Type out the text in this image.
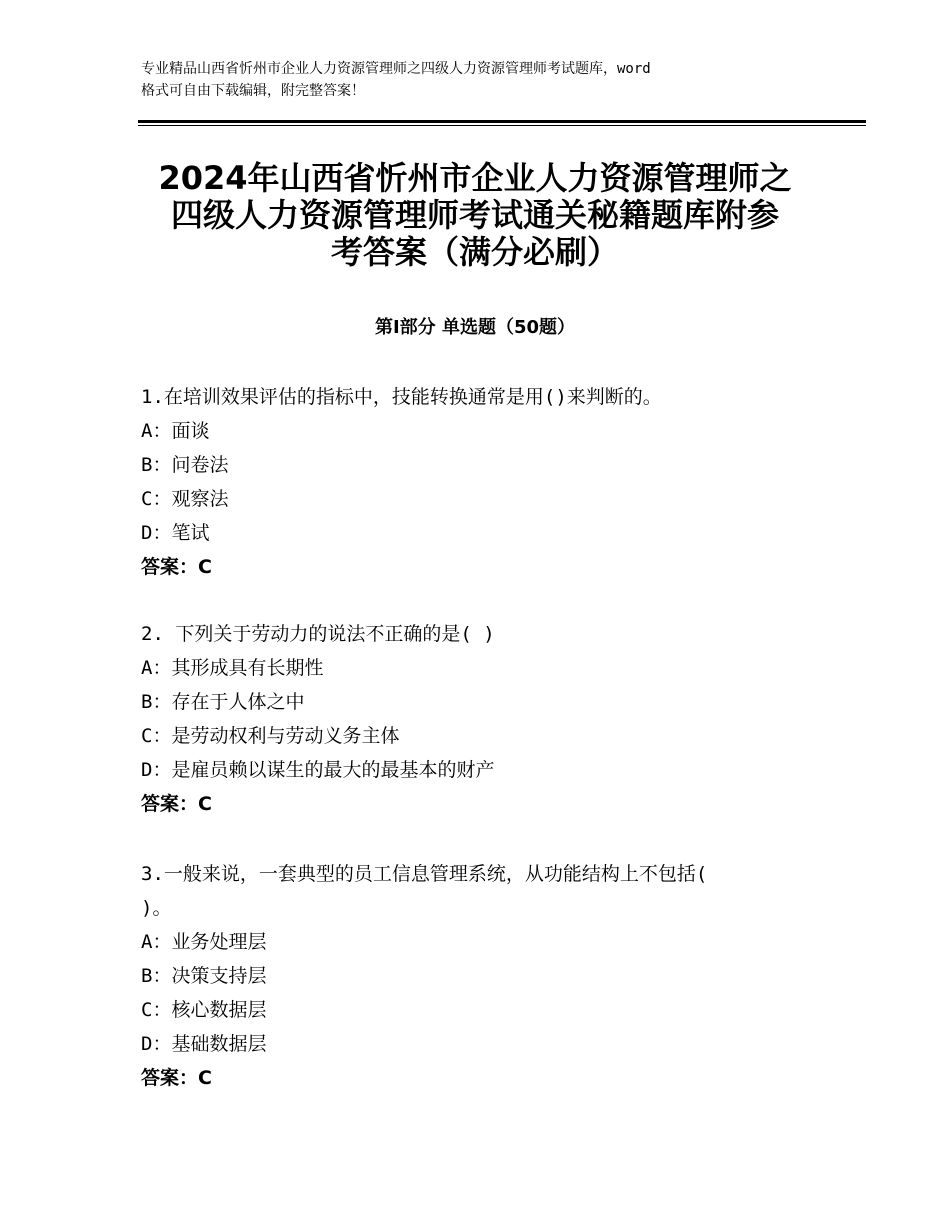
专业精品山西省忻州市企业人力资源管理师之四级人力资源管理师考试题库，word
格式可自由下载编辑，附完整答案！
2024年山西省忻州市企业人力资源管理师之
四级人力资源管理师考试通关秘籍题库附参
考答案（满分必刷）
第Ⅰ部分 单选题（50题）
1.在培训效果评估的指标中，技能转换通常是用()来判断的。
A：面谈
B：问卷法
C：观察法
D：笔试
答案：C
2. 下列关于劳动力的说法不正确的是( )
A：其形成具有长期性
B：存在于人体之中
C：是劳动权利与劳动义务主体
D：是雇员赖以谋生的最大的最基本的财产
答案：C
3.一般来说，一套典型的员工信息管理系统，从功能结构上不包括(
)。
A：业务处理层
B：决策支持层
C：核心数据层
D：基础数据层
答案：C
